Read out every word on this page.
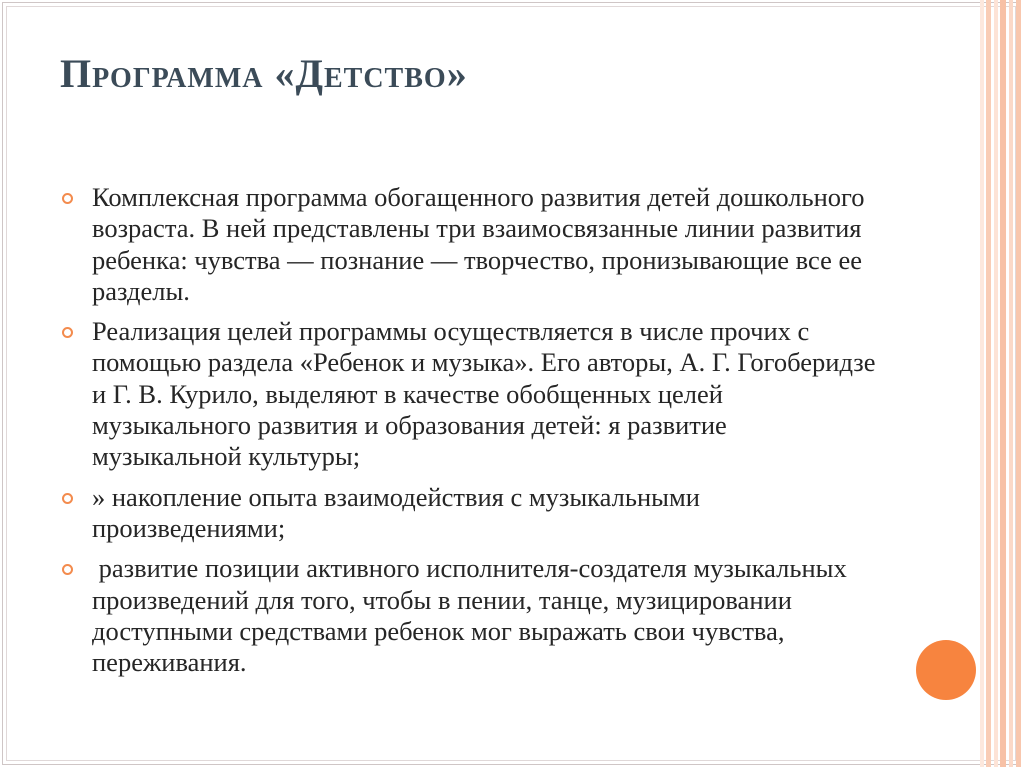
Программа «Детство»
Комплексная программа обогащенного развития детей дошкольного возраста. В ней представлены три взаимосвязанные линии развития ребенка: чувства — познание — творчество, пронизывающие все ее разделы.
Реализация целей программы осуществляется в числе прочих с помощью раздела «Ребенок и музыка». Его авторы, А. Г. Гогоберидзе и Г. В. Курило, выделяют в качестве обобщенных целей музыкального развития и образования детей: я развитие музыкальной культуры;
» накопление опыта взаимодействия с музыкальными произведениями;
развитие позиции активного исполнителя-создателя музыкальных произведений для того, чтобы в пении, танце, музицировании доступными средствами ребенок мог выражать свои чувства, переживания.
